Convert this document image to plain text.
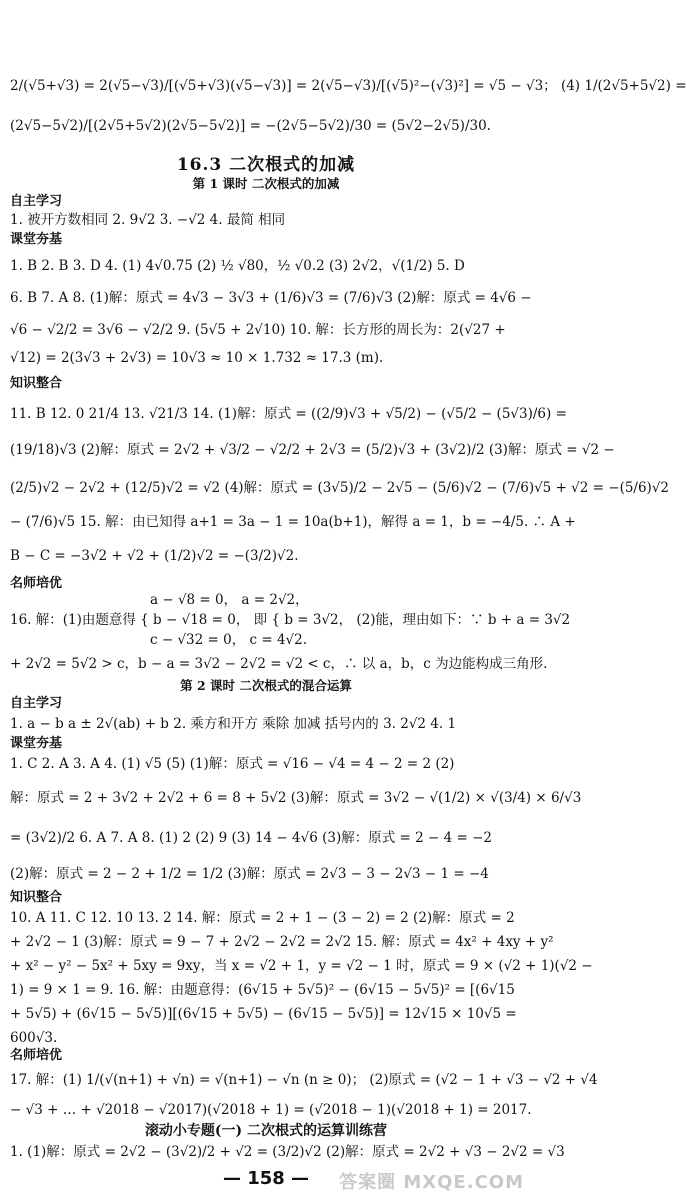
2/(√5+√3) = 2(√5−√3)/[(√5+√3)(√5−√3)] = 2(√5−√3)/[(√5)²−(√3)²] = √5 − √3； (4) 1/(2√5+5√2) =
(2√5−5√2)/[(2√5+5√2)(2√5−5√2)] = −(2√5−5√2)/30 = (5√2−2√5)/30.
16.3 二次根式的加减
第 1 课时 二次根式的加减
自主学习
1. 被开方数相同 2. 9√2 3. −√2 4. 最简 相同
课堂夯基
1. B 2. B 3. D 4. (1) 4√0.75 (2) ½ √80，½ √0.2 (3) 2√2，√(1/2) 5. D
6. B 7. A 8. (1)解：原式 = 4√3 − 3√3 + (1/6)√3 = (7/6)√3 (2)解：原式 = 4√6 −
√6 − √2/2 = 3√6 − √2/2 9. (5√5 + 2√10) 10. 解：长方形的周长为：2(√27 +
√12) = 2(3√3 + 2√3) = 10√3 ≈ 10 × 1.732 ≈ 17.3 (m).
知识整合
11. B 12. 0 21/4 13. √21/3 14. (1)解：原式 = ((2/9)√3 + √5/2) − (√5/2 − (5√3)/6) =
(19/18)√3 (2)解：原式 = 2√2 + √3/2 − √2/2 + 2√3 = (5/2)√3 + (3√2)/2 (3)解：原式 = √2 −
(2/5)√2 − 2√2 + (12/5)√2 = √2 (4)解：原式 = (3√5)/2 − 2√5 − (5/6)√2 − (7/6)√5 + √2 = −(5/6)√2
− (7/6)√5 15. 解：由已知得 a+1 = 3a − 1 = 10a(b+1)，解得 a = 1，b = −4/5. ∴ A +
B − C = −3√2 + √2 + (1/2)√2 = −(3/2)√2.
名师培优
a − √8 = 0， a = 2√2，
16. 解：(1)由题意得 { b − √18 = 0， 即 { b = 3√2， (2)能，理由如下：∵ b + a = 3√2
c − √32 = 0， c = 4√2.
+ 2√2 = 5√2 > c，b − a = 3√2 − 2√2 = √2 < c，∴ 以 a，b，c 为边能构成三角形.
第 2 课时 二次根式的混合运算
自主学习
1. a − b a ± 2√(ab) + b 2. 乘方和开方 乘除 加减 括号内的 3. 2√2 4. 1
课堂夯基
1. C 2. A 3. A 4. (1) √5 (5) (1)解：原式 = √16 − √4 = 4 − 2 = 2 (2)
解：原式 = 2 + 3√2 + 2√2 + 6 = 8 + 5√2 (3)解：原式 = 3√2 − √(1/2) × √(3/4) × 6/√3
= (3√2)/2 6. A 7. A 8. (1) 2 (2) 9 (3) 14 − 4√6 (3)解：原式 = 2 − 4 = −2
(2)解：原式 = 2 − 2 + 1/2 = 1/2 (3)解：原式 = 2√3 − 3 − 2√3 − 1 = −4
知识整合
10. A 11. C 12. 10 13. 2 14. 解：原式 = 2 + 1 − (3 − 2) = 2 (2)解：原式 = 2
+ 2√2 − 1 (3)解：原式 = 9 − 7 + 2√2 − 2√2 = 2√2 15. 解：原式 = 4x² + 4xy + y²
+ x² − y² − 5x² + 5xy = 9xy，当 x = √2 + 1，y = √2 − 1 时，原式 = 9 × (√2 + 1)(√2 −
1) = 9 × 1 = 9. 16. 解：由题意得：(6√15 + 5√5)² − (6√15 − 5√5)² = [(6√15
+ 5√5) + (6√15 − 5√5)][(6√15 + 5√5) − (6√15 − 5√5)] = 12√15 × 10√5 =
600√3.
名师培优
17. 解：(1) 1/(√(n+1) + √n) = √(n+1) − √n (n ≥ 0)； (2)原式 = (√2 − 1 + √3 − √2 + √4
− √3 + … + √2018 − √2017)(√2018 + 1) = (√2018 − 1)(√2018 + 1) = 2017.
滚动小专题(一) 二次根式的运算训练营
1. (1)解：原式 = 2√2 − (3√2)/2 + √2 = (3/2)√2 (2)解：原式 = 2√2 + √3 − 2√2 = √3
— 158 —	答案圈 MXQE.COM
